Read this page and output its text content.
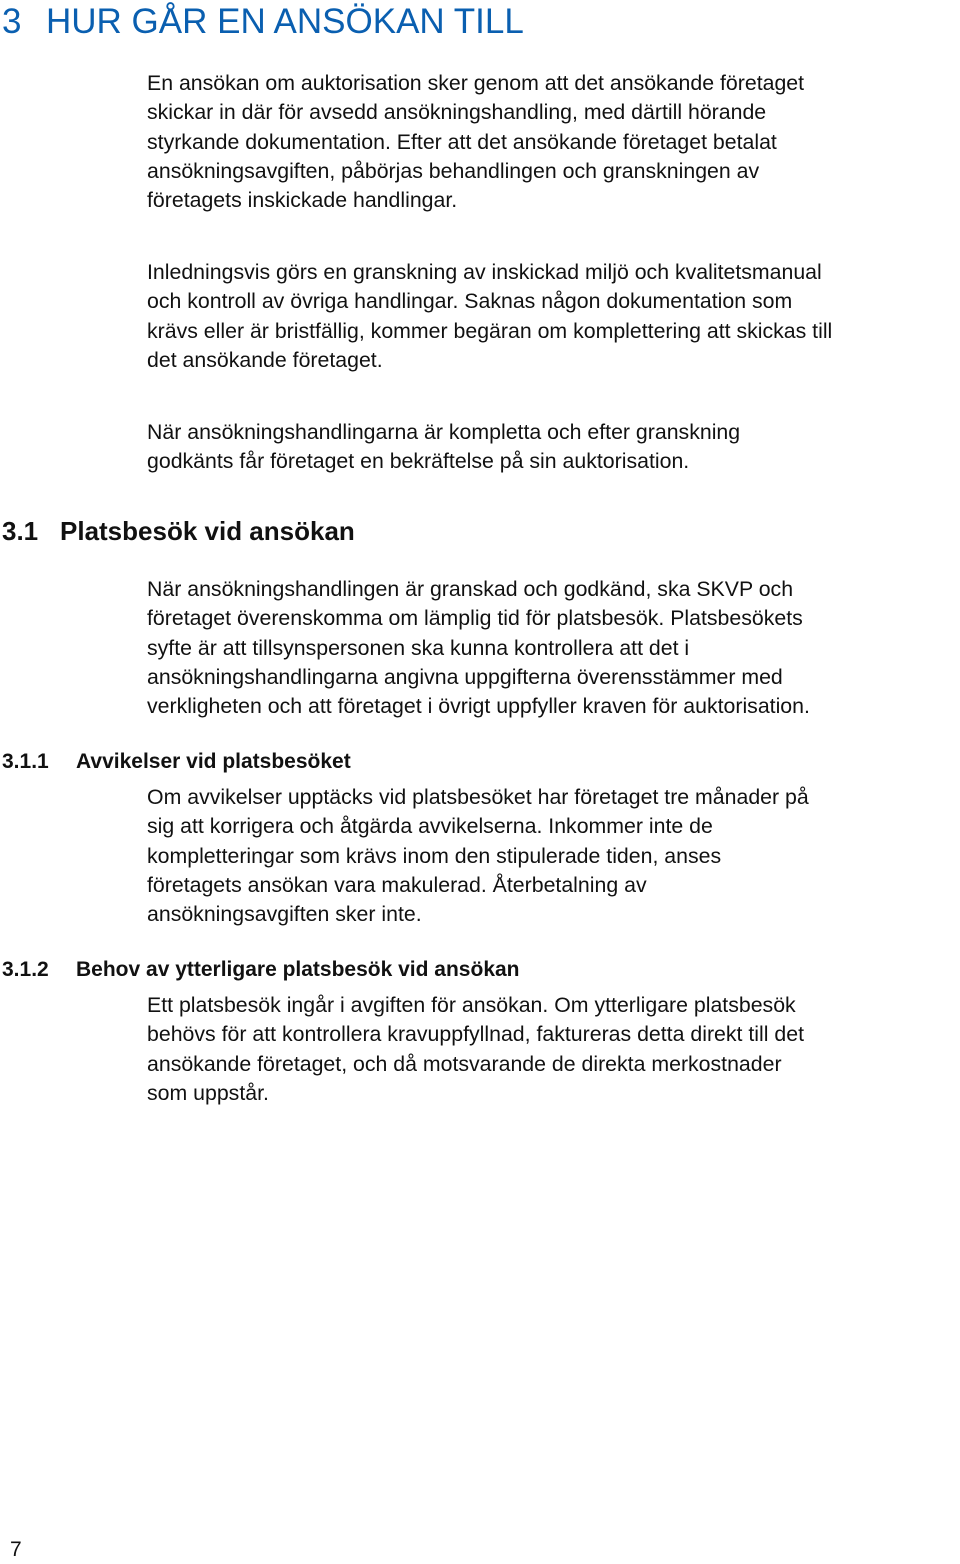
3 HUR GÅR EN ANSÖKAN TILL

En ansökan om auktorisation sker genom att det ansökande företaget
skickar in där för avsedd ansökningshandling, med därtill hörande
styrkande dokumentation. Efter att det ansökande företaget betalat
ansökningsavgiften, påbörjas behandlingen och granskningen av
företagets inskickade handlingar.

Inledningsvis görs en granskning av inskickad miljö och kvalitetsmanual
och kontroll av övriga handlingar. Saknas någon dokumentation som
krävs eller är bristfällig, kommer begäran om komplettering att skickas till
det ansökande företaget.

När ansökningshandlingarna är kompletta och efter granskning
godkänts får företaget en bekräftelse på sin auktorisation.

3.1 Platsbesök vid ansökan

När ansökningshandlingen är granskad och godkänd, ska SKVP och
företaget överenskomma om lämplig tid för platsbesök. Platsbesökets
syfte är att tillsynspersonen ska kunna kontrollera att det i
ansökningshandlingarna angivna uppgifterna överensstämmer med
verkligheten och att företaget i övrigt uppfyller kraven för auktorisation.

3.1.1 Avvikelser vid platsbesöket

Om avvikelser upptäcks vid platsbesöket har företaget tre månader på
sig att korrigera och åtgärda avvikelserna. Inkommer inte de
kompletteringar som krävs inom den stipulerade tiden, anses
företagets ansökan vara makulerad. Återbetalning av
ansökningsavgiften sker inte.

3.1.2 Behov av ytterligare platsbesök vid ansökan

Ett platsbesök ingår i avgiften för ansökan. Om ytterligare platsbesök
behövs för att kontrollera kravuppfyllnad, faktureras detta direkt till det
ansökande företaget, och då motsvarande de direkta merkostnader
som uppstår.

7
